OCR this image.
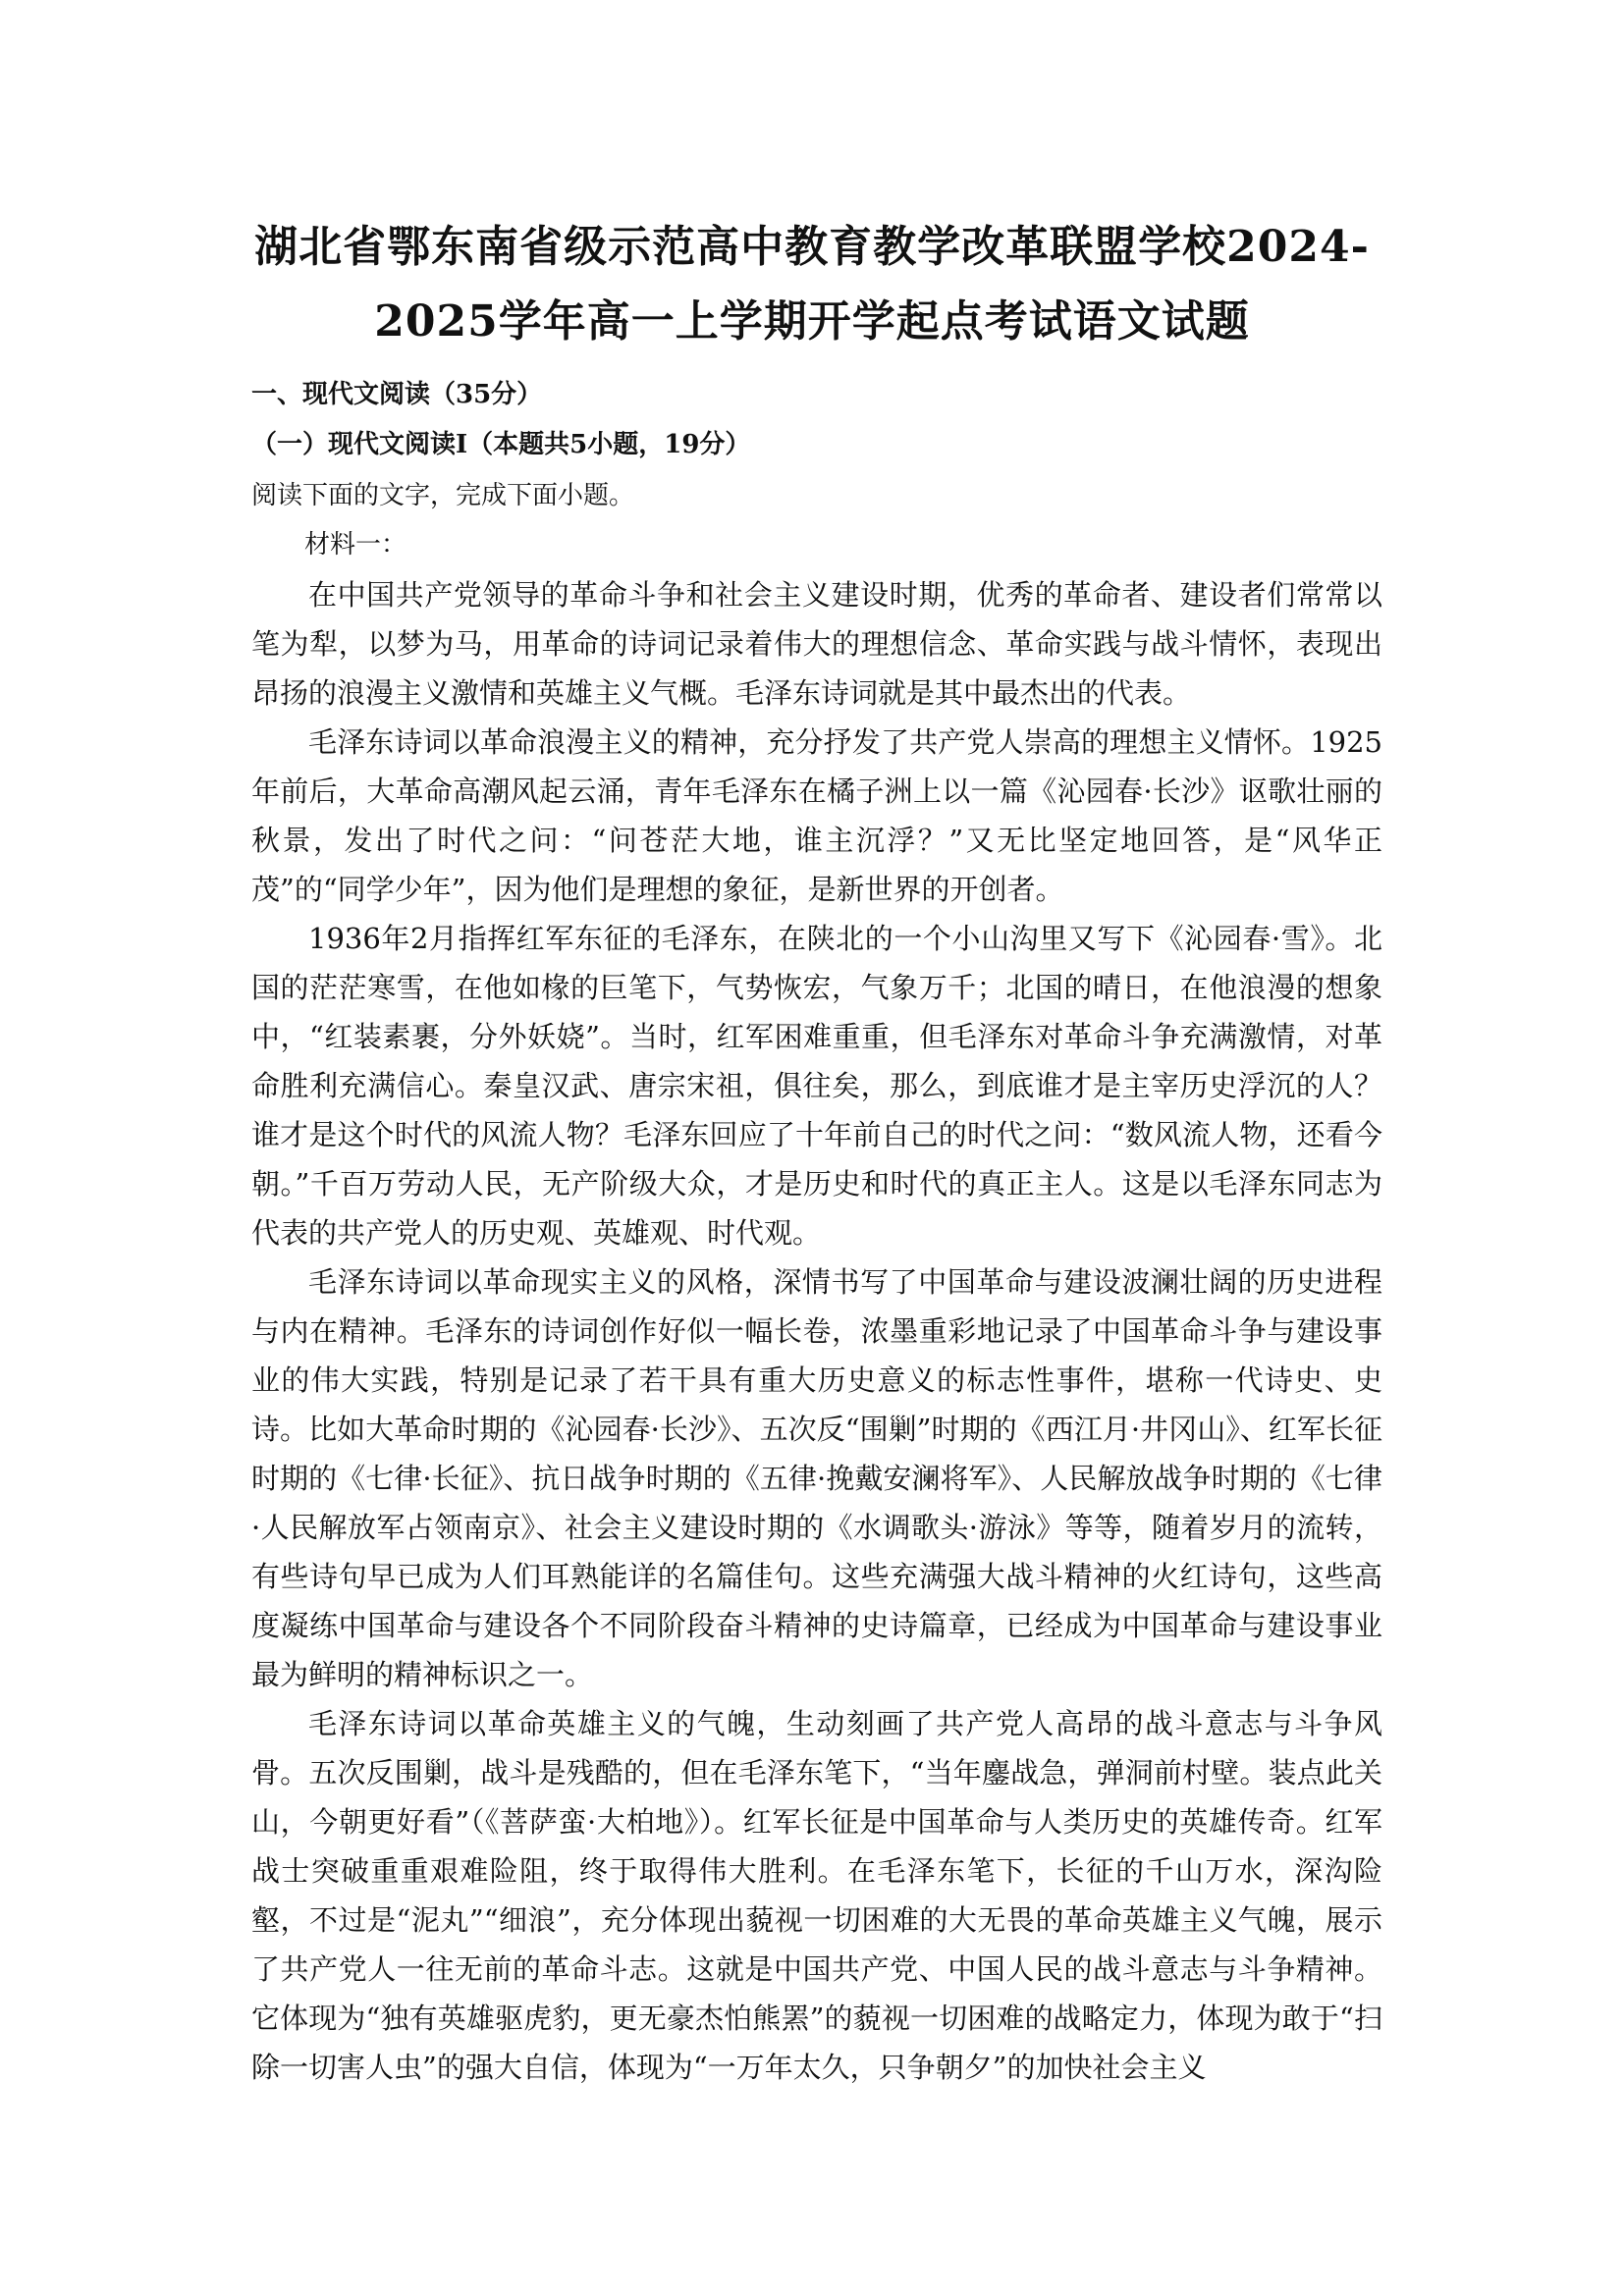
湖北省鄂东南省级示范高中教育教学改革联盟学校2024-
2025学年高一上学期开学起点考试语文试题
一、现代文阅读（35分）
（一）现代文阅读Ⅰ（本题共5小题，19分）
阅读下面的文字，完成下面小题。
材料一：

在中国共产党领导的革命斗争和社会主义建设时期，优秀的革命者、建设者们常常以笔为犁，以梦为马，用革命的诗词记录着伟大的理想信念、革命实践与战斗情怀，表现出昂扬的浪漫主义激情和英雄主义气概。毛泽东诗词就是其中最杰出的代表。

毛泽东诗词以革命浪漫主义的精神，充分抒发了共产党人崇高的理想主义情怀。1925年前后，大革命高潮风起云涌，青年毛泽东在橘子洲上以一篇《沁园春·长沙》讴歌壮丽的秋景，发出了时代之问：“问苍茫大地，谁主沉浮？”又无比坚定地回答，是“风华正茂”的“同学少年”，因为他们是理想的象征，是新世界的开创者。

1936年2月指挥红军东征的毛泽东，在陕北的一个小山沟里又写下《沁园春·雪》。北国的茫茫寒雪，在他如椽的巨笔下，气势恢宏，气象万千；北国的晴日，在他浪漫的想象中，“红装素裹，分外妖娆”。当时，红军困难重重，但毛泽东对革命斗争充满激情，对革命胜利充满信心。秦皇汉武、唐宗宋祖，俱往矣，那么，到底谁才是主宰历史浮沉的人？谁才是这个时代的风流人物？毛泽东回应了十年前自己的时代之问：“数风流人物，还看今朝。”千百万劳动人民，无产阶级大众，才是历史和时代的真正主人。这是以毛泽东同志为代表的共产党人的历史观、英雄观、时代观。

毛泽东诗词以革命现实主义的风格，深情书写了中国革命与建设波澜壮阔的历史进程与内在精神。毛泽东的诗词创作好似一幅长卷，浓墨重彩地记录了中国革命斗争与建设事业的伟大实践，特别是记录了若干具有重大历史意义的标志性事件，堪称一代诗史、史诗。比如大革命时期的《沁园春·长沙》、五次反“围剿”时期的《西江月·井冈山》、红军长征时期的《七律·长征》、抗日战争时期的《五律·挽戴安澜将军》、人民解放战争时期的《七律·人民解放军占领南京》、社会主义建设时期的《水调歌头·游泳》等等，随着岁月的流转，有些诗句早已成为人们耳熟能详的名篇佳句。这些充满强大战斗精神的火红诗句，这些高度凝练中国革命与建设各个不同阶段奋斗精神的史诗篇章，已经成为中国革命与建设事业最为鲜明的精神标识之一。

毛泽东诗词以革命英雄主义的气魄，生动刻画了共产党人高昂的战斗意志与斗争风骨。五次反围剿，战斗是残酷的，但在毛泽东笔下，“当年鏖战急，弹洞前村壁。装点此关山，今朝更好看”（《菩萨蛮·大柏地》）。红军长征是中国革命与人类历史的英雄传奇。红军战士突破重重艰难险阻，终于取得伟大胜利。在毛泽东笔下，长征的千山万水，深沟险壑，不过是“泥丸”“细浪”，充分体现出藐视一切困难的大无畏的革命英雄主义气魄，展示了共产党人一往无前的革命斗志。这就是中国共产党、中国人民的战斗意志与斗争精神。它体现为“独有英雄驱虎豹，更无豪杰怕熊罴”的藐视一切困难的战略定力，体现为敢于“扫除一切害人虫”的强大自信，体现为“一万年太久，只争朝夕”的加快社会主义
